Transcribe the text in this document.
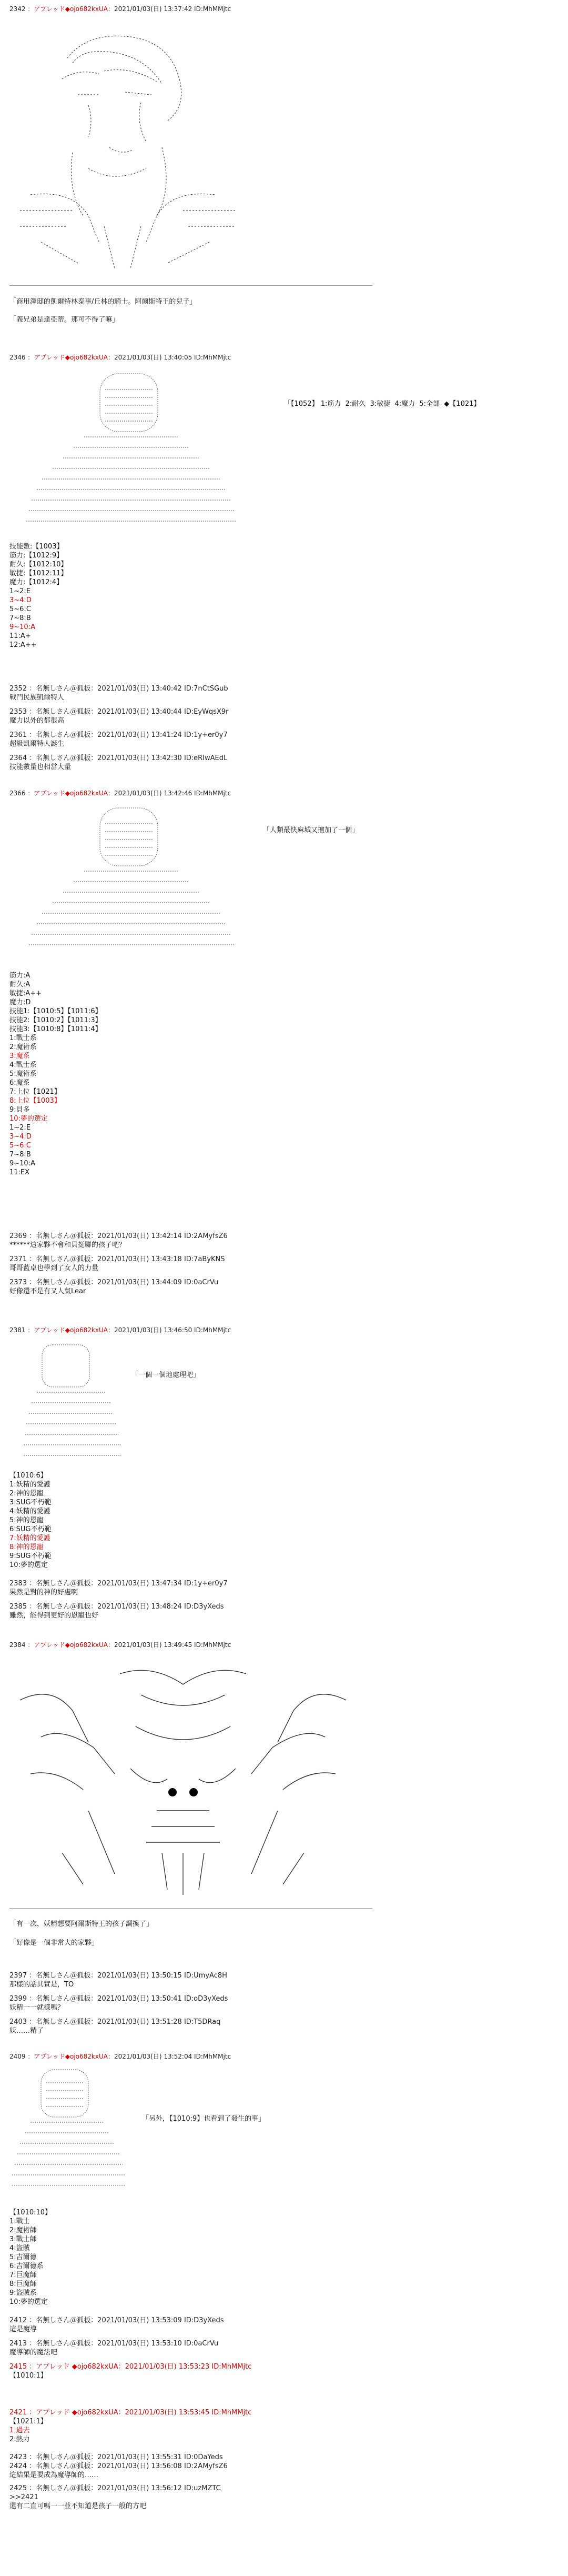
2342 ：アプレッド◆ojo682kxUA：2021/01/03(日) 13:37:42 ID:MhMMjtc
「商用澤邸的凱爾特林泰事/丘林的騎士。阿爾斯特王的兒子」
「義兄弟是達亞蒂。那可不得了嘛」
2346 ：アプレッド◆ojo682kxUA：2021/01/03(日) 13:40:05 ID:MhMMjtc
「【1052】 1:筋力  2:耐久  3:敏捷  4:魔力  5:全部  ◆【1021】
技能數:【1003】
筋力:【1012:9】
耐久:【1012:10】
敏捷:【1012:11】
魔力:【1012:4】
1~2:E
3~4:D
5~6:C
7~8:B
9~10:A
11:A+
12:A++
2352 ：名無しさん＠狐板：2021/01/03(日) 13:40:42 ID:7nCtSGub
戰鬥民族凱爾特人
2353 ：名無しさん＠狐板：2021/01/03(日) 13:40:44 ID:EyWqsX9r
魔力以外的都很高
2361 ：名無しさん＠狐板：2021/01/03(日) 13:41:24 ID:1y+er0y7
超級凱爾特人誕生
2364 ：名無しさん＠狐板：2021/01/03(日) 13:42:30 ID:eRIwAEdL
技能數量也相當大量
2366 ：アプレッド◆ojo682kxUA：2021/01/03(日) 13:42:46 ID:MhMMjtc
「人類最快麻城又擅加了一個」
筋力:A
耐久:A
敏捷:A++
魔力:D
技能1:【1010:5】【1011:6】
技能2:【1010:2】【1011:3】
技能3:【1010:8】【1011:4】
1:戰士系
2:魔術系
3:魔系
4:戰士系
5:魔術系
6:魔系
7:上位【1021】
8:上位【1003】
9:貝多
10:夢的選定
1~2:E
3~4:D
5~6:C
7~8:B
9~10:A
11:EX
2369 ：名無しさん＠狐板：2021/01/03(日) 13:42:14 ID:2AMyfsZ6
******這家夥不會和貝挺聯的孩子吧？
2371 ：名無しさん＠狐板：2021/01/03(日) 13:43:18 ID:7aByKNS
哥哥藍卓也學到了女人的力量
2373 ：名無しさん＠狐板：2021/01/03(日) 13:44:09 ID:0aCrVu
好像還不是有又人氣Lear
2381 ：アプレッド◆ojo682kxUA：2021/01/03(日) 13:46:50 ID:MhMMjtc
「一個一個地處理吧」
【1010:6】
1:妖精的愛護
2:神的恩寵
3:SUG不朽範
4:妖精的愛護
5:神的恩寵
6:SUG不朽範
7:妖精的愛護
8:神的恩寵
9:SUG不朽範
10:夢的選定
2383 ：名無しさん＠狐板：2021/01/03(日) 13:47:34 ID:1y+er0y7
果然是對的神的好處啊
2385 ：名無しさん＠狐板：2021/01/03(日) 13:48:24 ID:D3yXeds
雖然，能得到更好的恩寵也好
2384 ：アプレッド◆ojo682kxUA：2021/01/03(日) 13:49:45 ID:MhMMjtc
「有一次，妖精想要阿爾斯特王的孩子調換了」
「好像是一個非常大的家夥」
2397 ：名無しさん＠狐板：2021/01/03(日) 13:50:15 ID:UmyAc8H
那樣的話其實是，TO
2399 ：名無しさん＠狐板：2021/01/03(日) 13:50:41 ID:oD3yXeds
妖精一一就樣嗎？
2403 ：名無しさん＠狐板：2021/01/03(日) 13:51:28 ID:T5DRaq
妖……精了
2409 ：アプレッド◆ojo682kxUA：2021/01/03(日) 13:52:04 ID:MhMMjtc
「另外，【1010:9】也看到了發生的事」
【1010:10】
1:戰士
2:魔術師
3:戰士師
4:盜賊
5:吉爾德
6:吉爾德系
7:巨魔師
8:巨魔師
9:盜賊系
10:夢的選定
2412 ：名無しさん＠狐板：2021/01/03(日) 13:53:09 ID:D3yXeds
這是魔導
2413 ：名無しさん＠狐板：2021/01/03(日) 13:53:10 ID:0aCrVu
魔導師的魔法吧
2415 ：アプレッド ◆ojo682kxUA：2021/01/03(日) 13:53:23 ID:MhMMjtc
【1010:1】
2421 ：アプレッド ◆ojo682kxUA：2021/01/03(日) 13:53:45 ID:MhMMjtc
【1021:1】
1:過去
2:熱力
2423 ：名無しさん＠狐板：2021/01/03(日) 13:55:31 ID:0DaYeds
2424 ：名無しさん＠狐板：2021/01/03(日) 13:56:08 ID:2AMyfsZ6
這結果是要成為魔導師的……
2425 ：名無しさん＠狐板：2021/01/03(日) 13:56:12 ID:uzMZTC
>>2421
還有二直可嗎一一並不知道是孩子一般的方吧
